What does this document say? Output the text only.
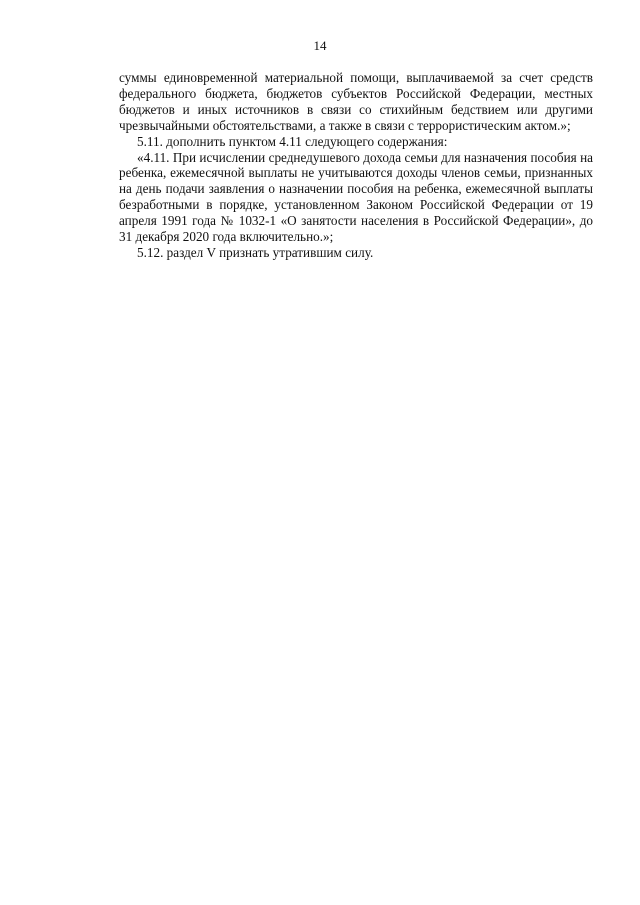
14

суммы единовременной материальной помощи, выплачиваемой за счет средств федерального бюджета, бюджетов субъектов Российской Федерации, местных бюджетов и иных источников в связи со стихийным бедствием или другими чрезвычайными обстоятельствами, а также в связи с террористическим актом.»;

5.11. дополнить пунктом 4.11 следующего содержания:

«4.11. При исчислении среднедушевого дохода семьи для назначения пособия на ребенка, ежемесячной выплаты не учитываются доходы членов семьи, признанных на день подачи заявления о назначении пособия на ребенка, ежемесячной выплаты безработными в порядке, установленном Законом Российской Федерации от 19 апреля 1991 года № 1032-1 «О занятости населения в Российской Федерации», до 31 декабря 2020 года включительно.»;

5.12. раздел V признать утратившим силу.
